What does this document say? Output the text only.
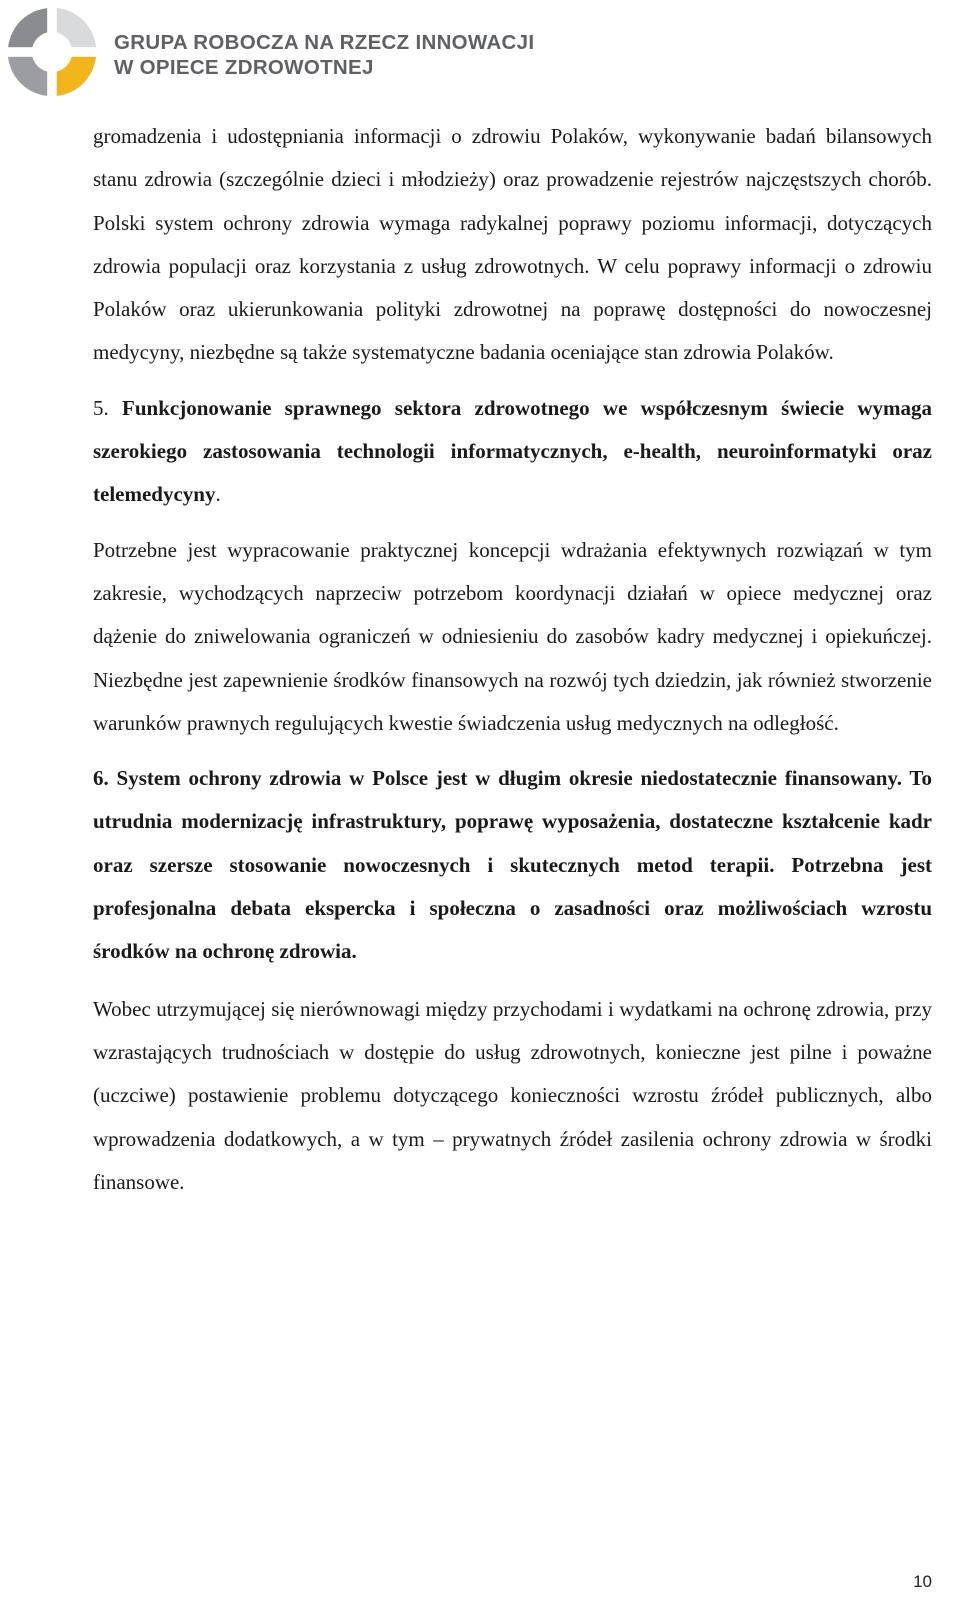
GRUPA ROBOCZA NA RZECZ INNOWACJI
W OPIECE ZDROWOTNEJ

gromadzenia i udostępniania informacji o zdrowiu Polaków, wykonywanie badań bilansowych stanu zdrowia (szczególnie dzieci i młodzieży) oraz prowadzenie rejestrów najczęstszych chorób. Polski system ochrony zdrowia wymaga radykalnej poprawy poziomu informacji, dotyczących zdrowia populacji oraz korzystania z usług zdrowotnych. W celu poprawy informacji o zdrowiu Polaków oraz ukierunkowania polityki zdrowotnej na poprawę dostępności do nowoczesnej medycyny, niezbędne są także systematyczne badania oceniające stan zdrowia Polaków.

5. Funkcjonowanie sprawnego sektora zdrowotnego we współczesnym świecie wymaga szerokiego zastosowania technologii informatycznych, e-health, neuroinformatyki oraz telemedycyny.

Potrzebne jest wypracowanie praktycznej koncepcji wdrażania efektywnych rozwiązań w tym zakresie, wychodzących naprzeciw potrzebom koordynacji działań w opiece medycznej oraz dążenie do zniwelowania ograniczeń w odniesieniu do zasobów kadry medycznej i opiekuńczej. Niezbędne jest zapewnienie środków finansowych na rozwój tych dziedzin, jak również stworzenie warunków prawnych regulujących kwestie świadczenia usług medycznych na odległość.

6. System ochrony zdrowia w Polsce jest w długim okresie niedostatecznie finansowany. To utrudnia modernizację infrastruktury, poprawę wyposażenia, dostateczne kształcenie kadr oraz szersze stosowanie nowoczesnych i skutecznych metod terapii. Potrzebna jest profesjonalna debata ekspercka i społeczna o zasadności oraz możliwościach wzrostu środków na ochronę zdrowia.

Wobec utrzymującej się nierównowagi między przychodami i wydatkami na ochronę zdrowia, przy wzrastających trudnościach w dostępie do usług zdrowotnych, konieczne jest pilne i poważne (uczciwe) postawienie problemu dotyczącego konieczności wzrostu źródeł publicznych, albo wprowadzenia dodatkowych, a w tym – prywatnych źródeł zasilenia ochrony zdrowia w środki finansowe.

10
